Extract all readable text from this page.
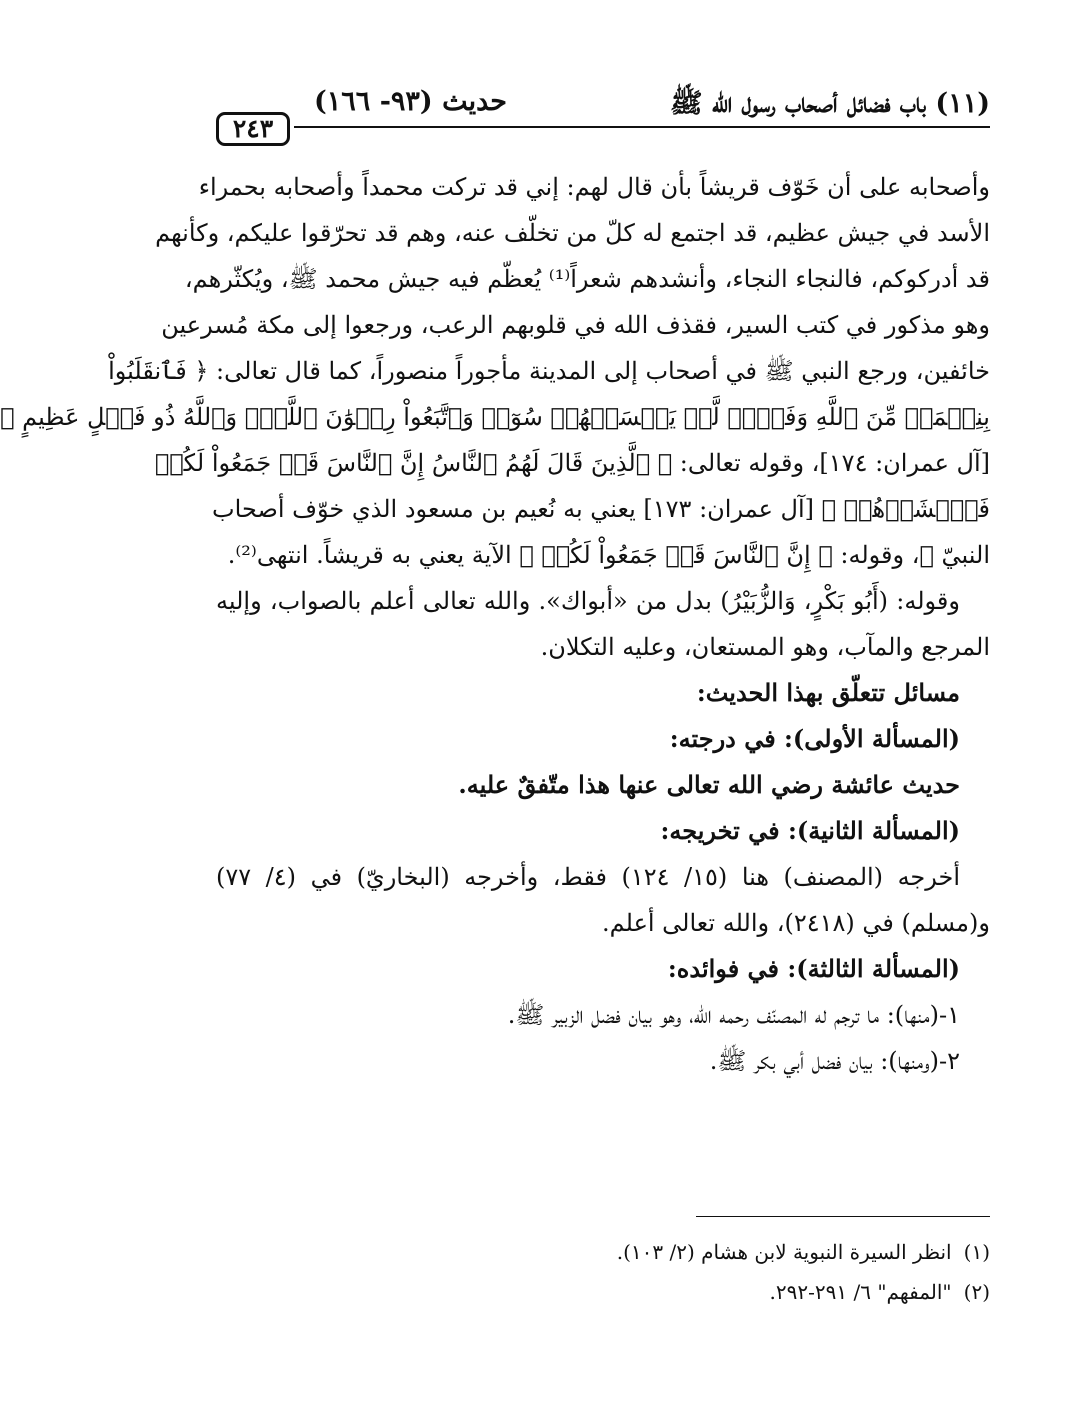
(١١) باب فضائل أصحاب رسول الله ﷺ
حديث (٩٣- ١٦٦)
٢٤٣
وأصحابه على أن خَوّف قريشاً بأن قال لهم: إني قد تركت محمداً وأصحابه بحمراء
الأسد في جيش عظيم، قد اجتمع له كلّ من تخلّف عنه، وهم قد تحرّقوا عليكم، وكأنهم
قد أدركوكم، فالنجاء النجاء، وأنشدهم شعراً⁽¹⁾ يُعظّم فيه جيش محمد ﷺ، ويُكثّرهم،
وهو مذكور في كتب السير، فقذف الله في قلوبهم الرعب، ورجعوا إلى مكة مُسرعين
خائفين، ورجع النبي ﷺ في أصحاب إلى المدينة مأجوراً منصوراً، كما قال تعالى: ﴿ فَٱنقَلَبُواْ
بِنِعۡمَةٖ مِّنَ ٱللَّهِ وَفَضۡلٖ لَّمۡ يَمۡسَسۡهُمۡ سُوٓءٞ وَٱتَّبَعُواْ رِضۡوَٰنَ ٱللَّهِۗ وَٱللَّهُ ذُو فَضۡلٍ عَظِيمٍ ﴾
[آل عمران: ١٧٤]، وقوله تعالى: ﴿ ٱلَّذِينَ قَالَ لَهُمُ ٱلنَّاسُ إِنَّ ٱلنَّاسَ قَدۡ جَمَعُواْ لَكُمۡ
فَٱخۡشَوۡهُمۡ ﴾ [آل عمران: ١٧٣] يعني به نُعيم بن مسعود الذي خوّف أصحاب
النبيّ ﷺ، وقوله: ﴿ إِنَّ ٱلنَّاسَ قَدۡ جَمَعُواْ لَكُمۡ ﴾ الآية يعني به قريشاً. انتهى⁽²⁾.
وقوله: (أَبُو بَكْرٍ، وَالزُّبَيْرُ) بدل من «أبواك». والله تعالى أعلم بالصواب، وإليه
المرجع والمآب، وهو المستعان، وعليه التكلان.
مسائل تتعلّق بهذا الحديث:
(المسألة الأولى): في درجته:
حديث عائشة رضي الله تعالى عنها هذا متّفقٌ عليه.
(المسألة الثانية): في تخريجه:
أخرجه (المصنف) هنا (١٥/ ١٢٤) فقط، وأخرجه (البخاريّ) في (٤/ ٧٧)
و(مسلم) في (٢٤١٨)، والله تعالى أعلم.
(المسألة الثالثة): في فوائده:
١-(منها): ما ترجم له المصنّف رحمه الله، وهو بيان فضل الزبير ﷺ.
٢-(ومنها): بيان فضل أبي بكر ﷺ.
(١)انظر السيرة النبوية لابن هشام (٢/ ١٠٣).
(٢)"المفهم" ٦/ ٢٩١-٢٩٢.
